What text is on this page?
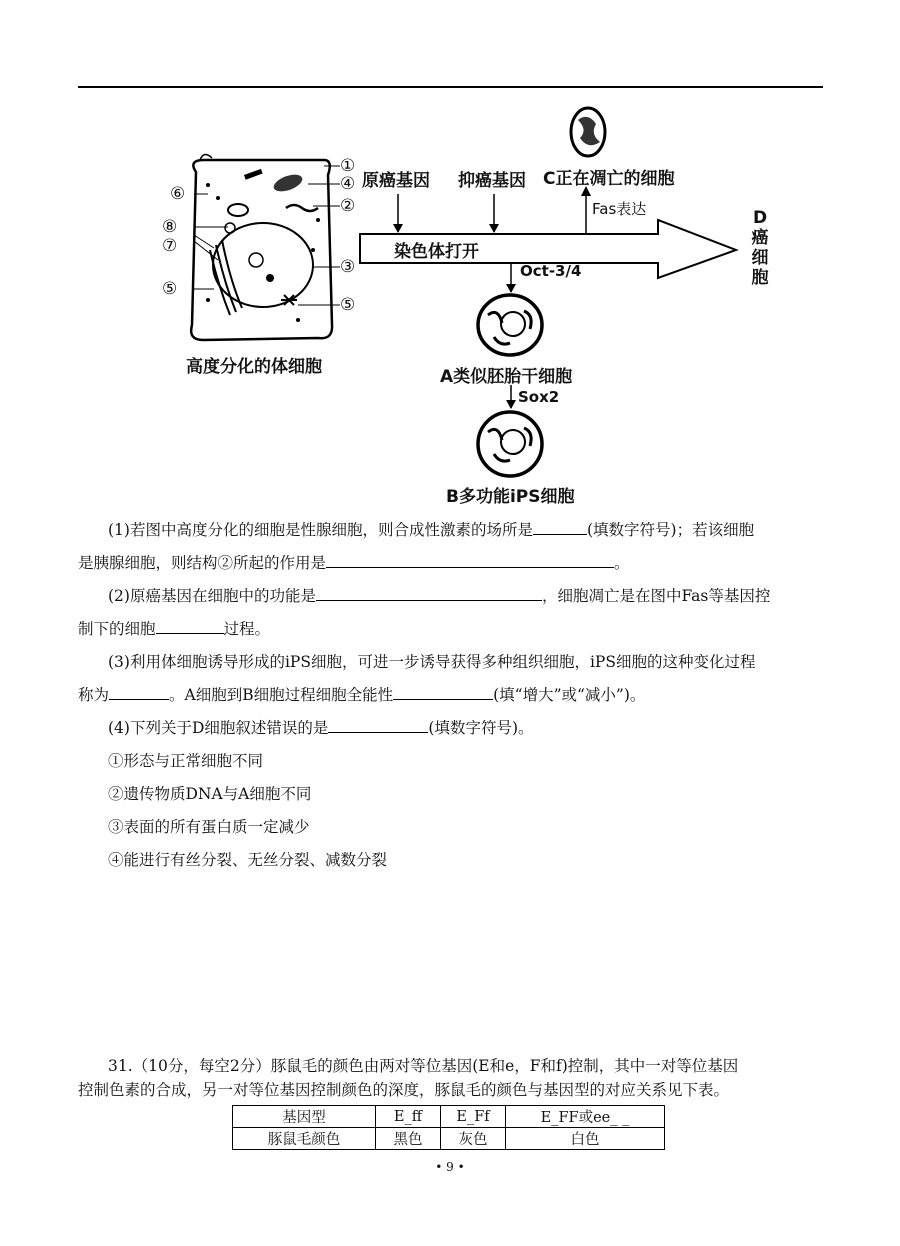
①
④
⑥
②
⑧
⑦
③
⑤
⑤
高度分化的体细胞
原癌基因 抑癌基因 C正在凋亡的细胞
Fas表达
染色体打开
Oct-3/4
A类似胚胎干细胞
Sox2
B多功能iPS细胞
D
癌
细
胞
(1)若图中高度分化的细胞是性腺细胞，则合成性激素的场所是	(填数字符号)；若该细胞
是胰腺细胞，则结构②所起的作用是	。
(2)原癌基因在细胞中的功能是	，细胞凋亡是在图中Fas等基因控
制下的细胞	过程。
(3)利用体细胞诱导形成的iPS细胞，可进一步诱导获得多种组织细胞，iPS细胞的这种变化过程
称为	。A细胞到B细胞过程细胞全能性	(填“增大”或“减小”)。
(4)下列关于D细胞叙述错误的是	(填数字符号)。
①形态与正常细胞不同
②遗传物质DNA与A细胞不同
③表面的所有蛋白质一定减少
④能进行有丝分裂、无丝分裂、减数分裂
31.（10分，每空2分）豚鼠毛的颜色由两对等位基因(E和e，F和f)控制，其中一对等位基因
控制色素的合成，另一对等位基因控制颜色的深度，豚鼠毛的颜色与基因型的对应关系见下表。
基因型	E_ff	E_Ff	E_FF或ee_ _
豚鼠毛颜色	黑色	灰色	白色
• 9 •
